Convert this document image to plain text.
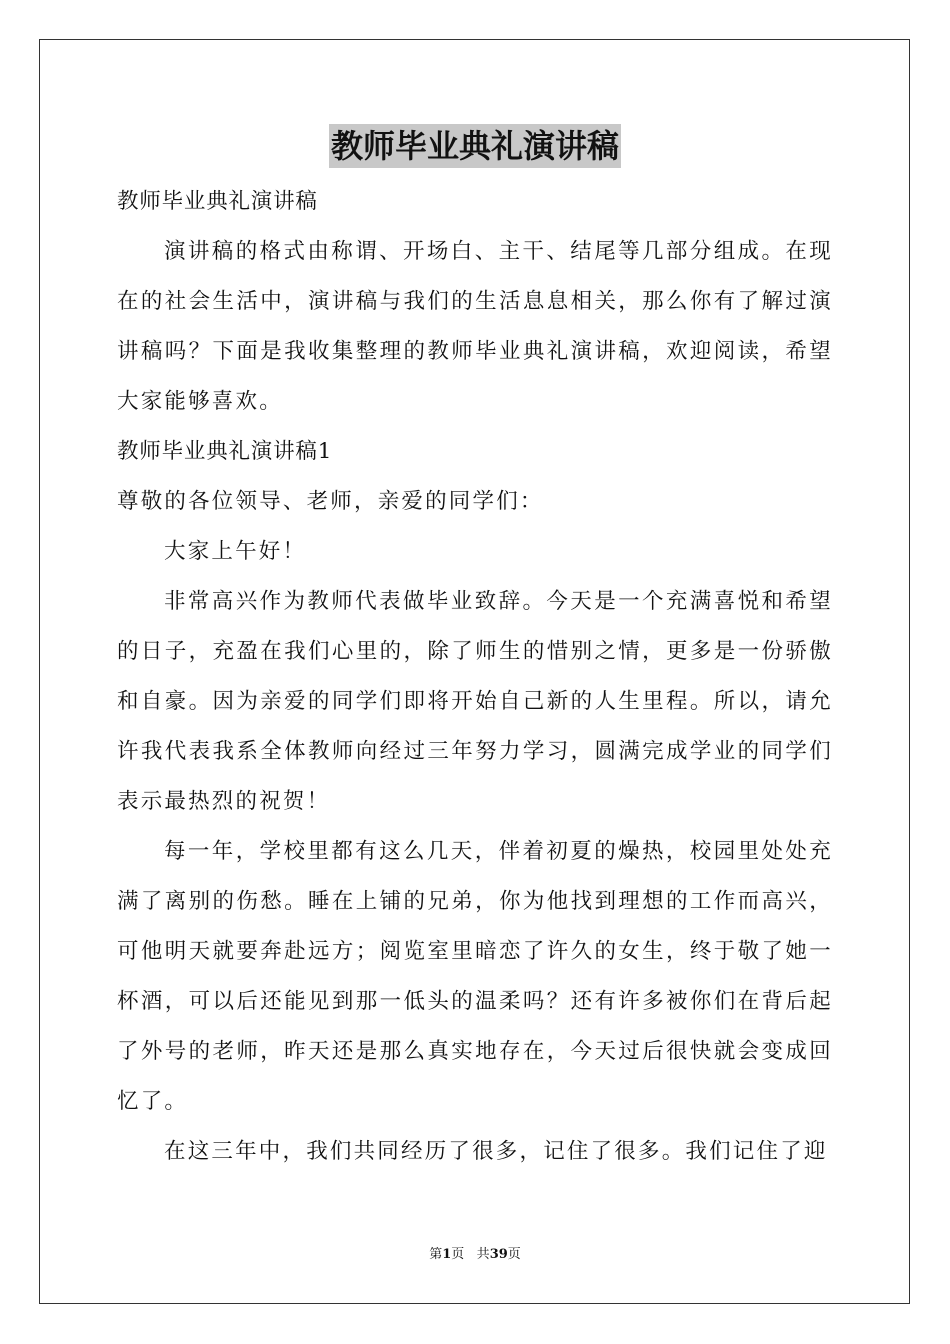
教师毕业典礼演讲稿

教师毕业典礼演讲稿

演讲稿的格式由称谓、开场白、主干、结尾等几部分组成。在现在的社会生活中，演讲稿与我们的生活息息相关，那么你有了解过演讲稿吗？下面是我收集整理的教师毕业典礼演讲稿，欢迎阅读，希望大家能够喜欢。

教师毕业典礼演讲稿1

尊敬的各位领导、老师，亲爱的同学们：

大家上午好！

非常高兴作为教师代表做毕业致辞。今天是一个充满喜悦和希望的日子，充盈在我们心里的，除了师生的惜别之情，更多是一份骄傲和自豪。因为亲爱的同学们即将开始自己新的人生里程。所以，请允许我代表我系全体教师向经过三年努力学习，圆满完成学业的同学们表示最热烈的祝贺！

每一年，学校里都有这么几天，伴着初夏的燥热，校园里处处充满了离别的伤愁。睡在上铺的兄弟，你为他找到理想的工作而高兴，可他明天就要奔赴远方；阅览室里暗恋了许久的女生，终于敬了她一杯酒，可以后还能见到那一低头的温柔吗？还有许多被你们在背后起了外号的老师，昨天还是那么真实地存在，今天过后很快就会变成回忆了。

在这三年中，我们共同经历了很多，记住了很多。我们记住了迎

第1页 共39页
